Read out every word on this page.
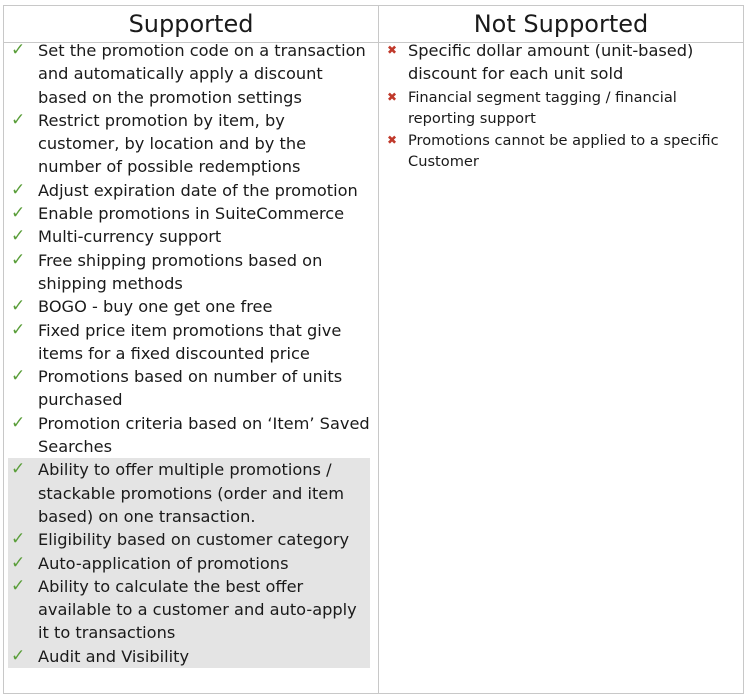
Supported	Not Supported
✓ Set the promotion code on a transaction and automatically apply a discount based on the promotion settings
✓ Restrict promotion by item, by customer, by location and by the number of possible redemptions
✓ Adjust expiration date of the promotion
✓ Enable promotions in SuiteCommerce
✓ Multi-currency support
✓ Free shipping promotions based on shipping methods
✓ BOGO - buy one get one free
✓ Fixed price item promotions that give items for a fixed discounted price
✓ Promotions based on number of units purchased
✓ Promotion criteria based on ‘Item’ Saved Searches
✓ Ability to offer multiple promotions / stackable promotions (order and item based) on one transaction.
✓ Eligibility based on customer category
✓ Auto-application of promotions
✓ Ability to calculate the best offer available to a customer and auto-apply it to transactions
✓ Audit and Visibility
✖ Specific dollar amount (unit-based) discount for each unit sold
✖ Financial segment tagging / financial reporting support
✖ Promotions cannot be applied to a specific Customer
